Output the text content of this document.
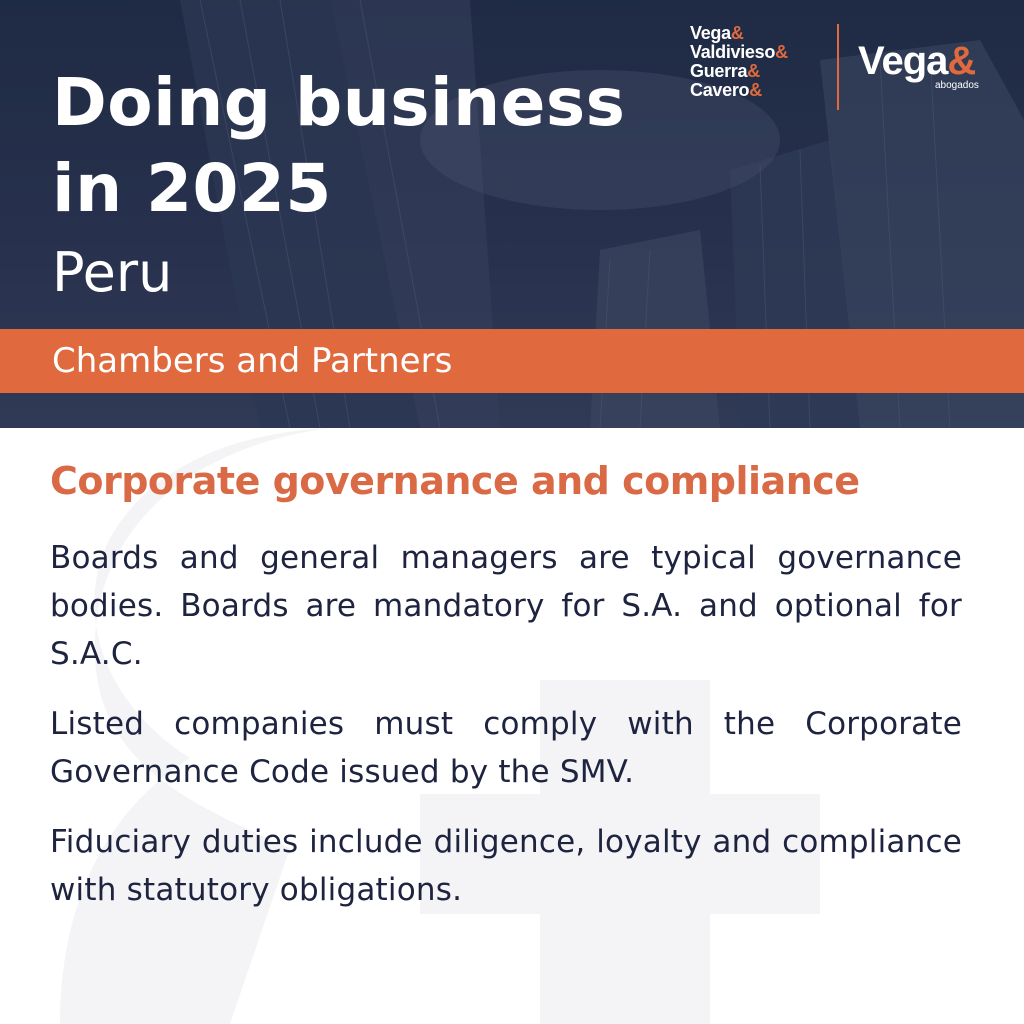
Doing business
in 2025
Peru
Vega&
Valdivieso&
Guerra&
Cavero&
Vega&
abogados
Chambers and Partners
Corporate governance and compliance

Boards and general managers are typical governance bodies. Boards are mandatory for S.A. and optional for S.A.C.

Listed companies must comply with the Corporate Governance Code issued by the SMV.

Fiduciary duties include diligence, loyalty and compliance with statutory obligations.
